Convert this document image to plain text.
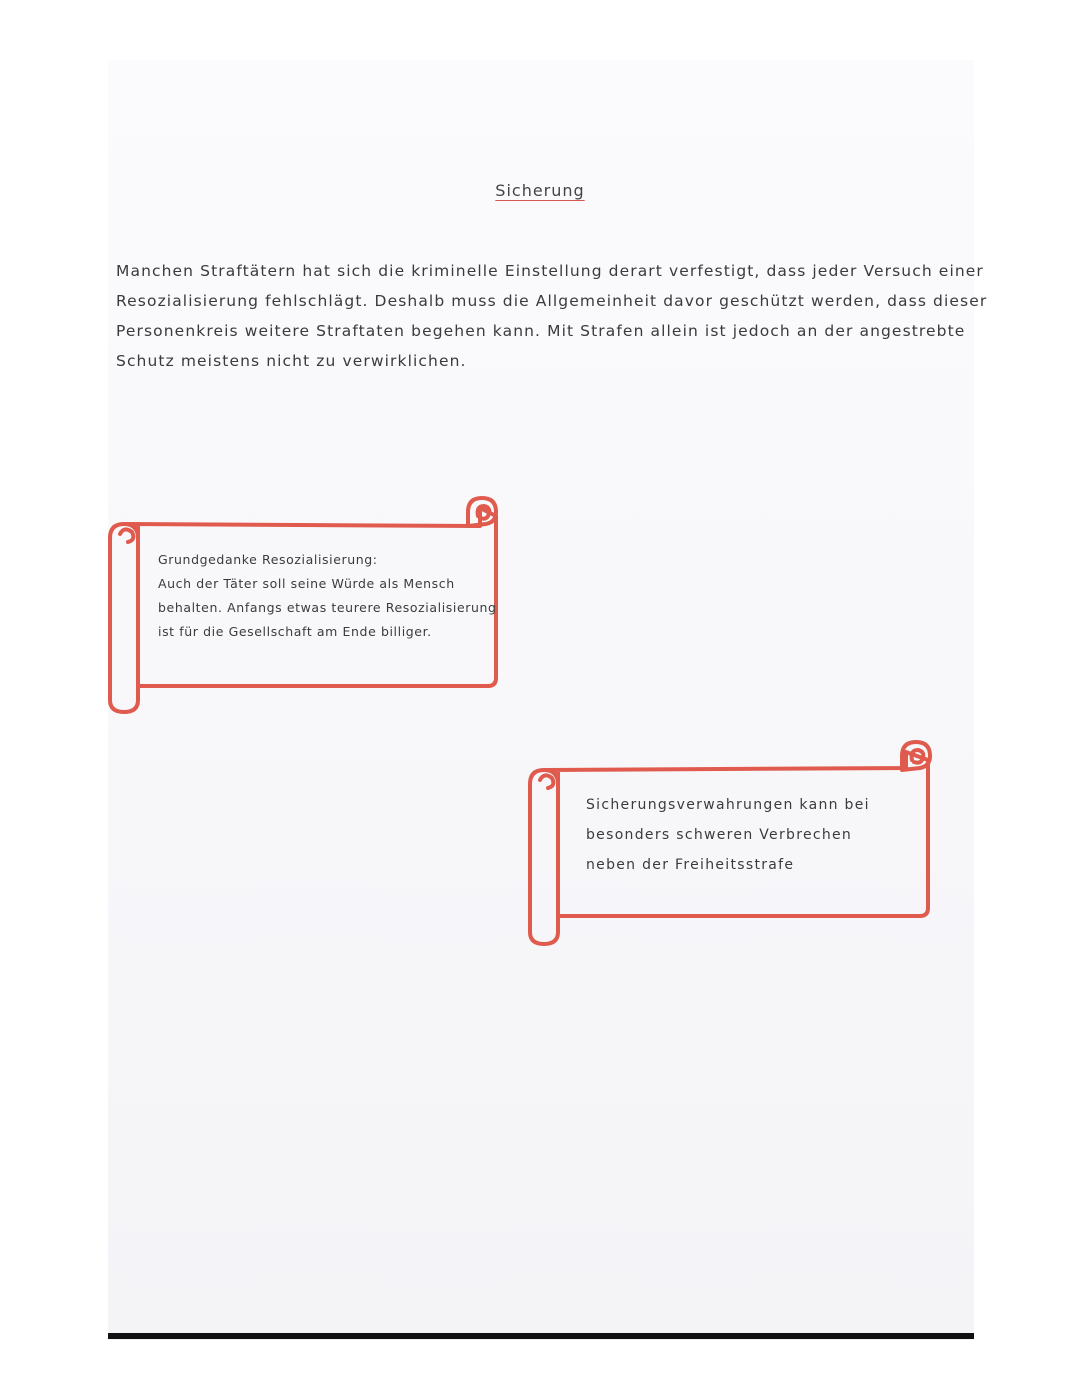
Sicherung
Manchen Straftätern hat sich die kriminelle Einstellung derart verfestigt, dass jeder Versuch einer
Resozialisierung fehlschlägt. Deshalb muss die Allgemeinheit davor geschützt werden, dass dieser
Personenkreis weitere Straftaten begehen kann. Mit Strafen allein ist jedoch an der angestrebte
Schutz meistens nicht zu verwirklichen.
Grundgedanke Resozialisierung:
Auch der Täter soll seine Würde als Mensch
behalten. Anfangs etwas teurere Resozialisierung
ist für die Gesellschaft am Ende billiger.
Sicherungsverwahrungen kann bei
besonders schweren Verbrechen
neben der Freiheitsstrafe
